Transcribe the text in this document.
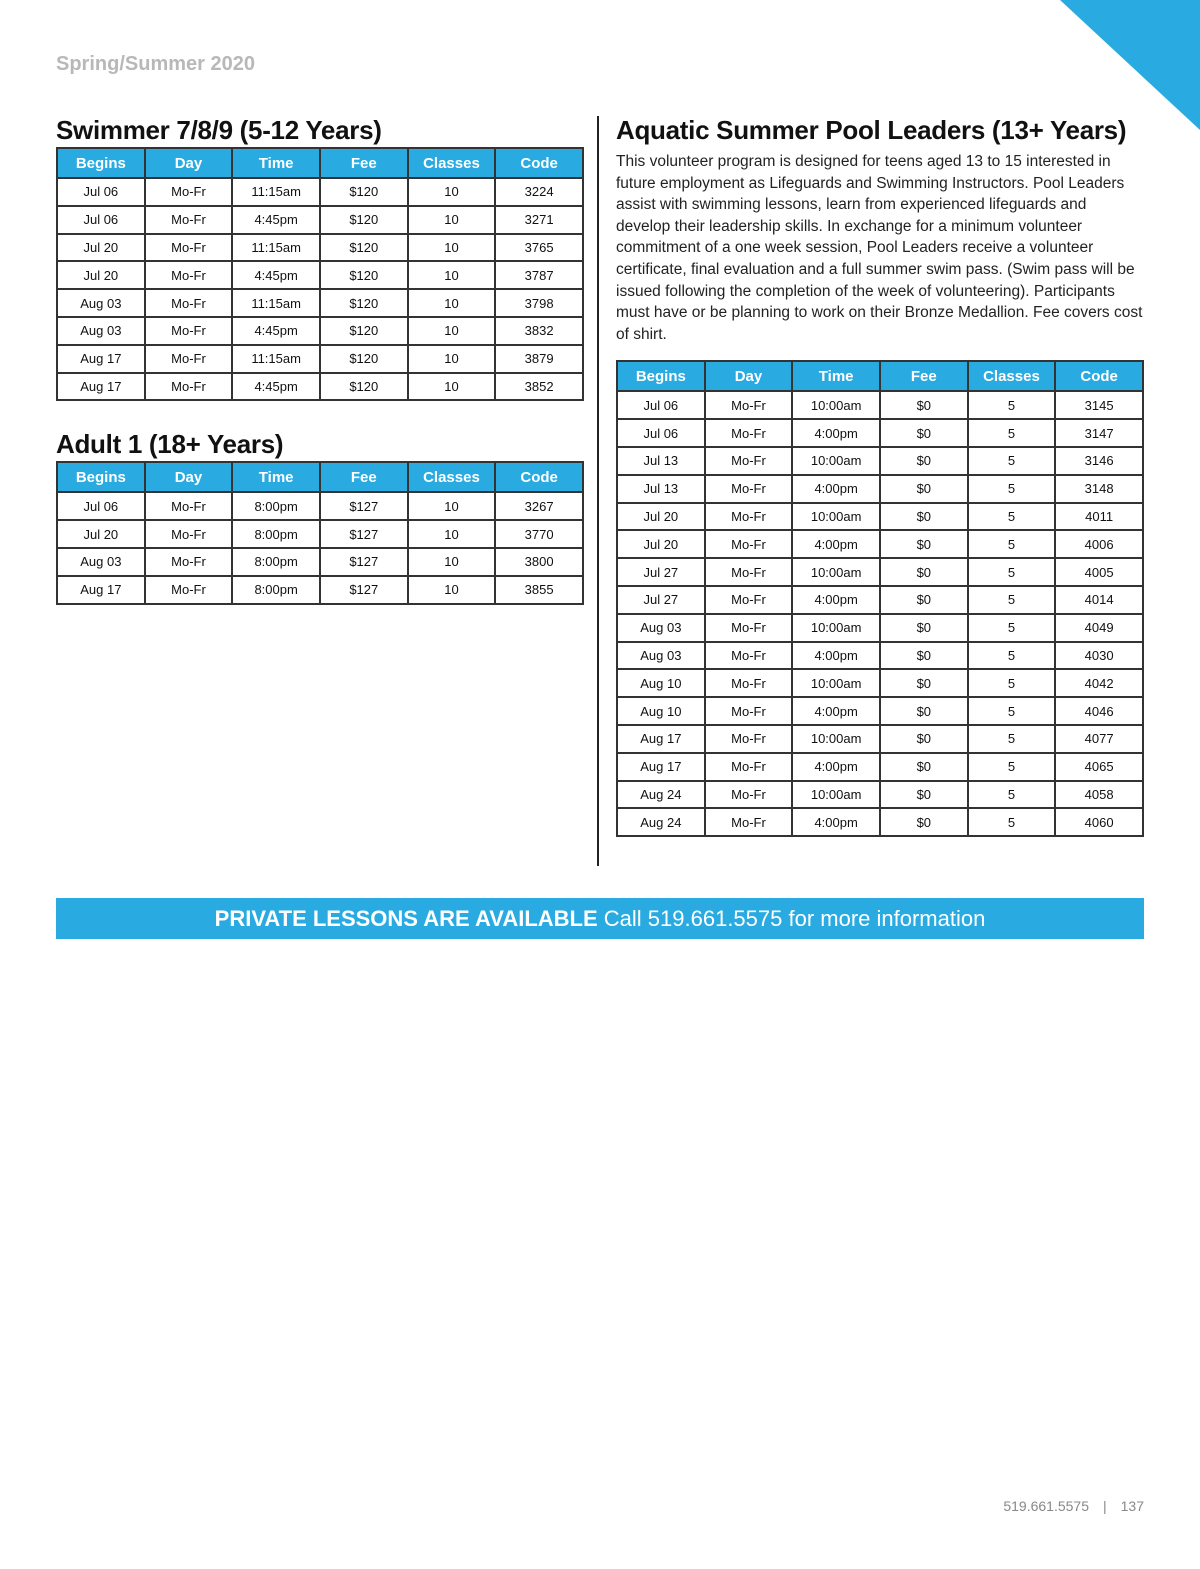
Spring/Summer 2020
Swimmer 7/8/9 (5-12 Years)
Begins	Day	Time	Fee	Classes	Code
Jul 06	Mo-Fr	11:15am	$120	10	3224
Jul 06	Mo-Fr	4:45pm	$120	10	3271
Jul 20	Mo-Fr	11:15am	$120	10	3765
Jul 20	Mo-Fr	4:45pm	$120	10	3787
Aug 03	Mo-Fr	11:15am	$120	10	3798
Aug 03	Mo-Fr	4:45pm	$120	10	3832
Aug 17	Mo-Fr	11:15am	$120	10	3879
Aug 17	Mo-Fr	4:45pm	$120	10	3852
Adult 1 (18+ Years)
Begins	Day	Time	Fee	Classes	Code
Jul 06	Mo-Fr	8:00pm	$127	10	3267
Jul 20	Mo-Fr	8:00pm	$127	10	3770
Aug 03	Mo-Fr	8:00pm	$127	10	3800
Aug 17	Mo-Fr	8:00pm	$127	10	3855
Aquatic Summer Pool Leaders (13+ Years)

This volunteer program is designed for teens aged 13 to 15 interested in future employment as Lifeguards and Swimming Instructors. Pool Leaders assist with swimming lessons, learn from experienced lifeguards and develop their leadership skills. In exchange for a minimum volunteer commitment of a one week session, Pool Leaders receive a volunteer certificate, final evaluation and a full summer swim pass. (Swim pass will be issued following the completion of the week of volunteering). Participants must have or be planning to work on their Bronze Medallion. Fee covers cost of shirt.

Begins	Day	Time	Fee	Classes	Code
Jul 06	Mo-Fr	10:00am	$0	5	3145
Jul 06	Mo-Fr	4:00pm	$0	5	3147
Jul 13	Mo-Fr	10:00am	$0	5	3146
Jul 13	Mo-Fr	4:00pm	$0	5	3148
Jul 20	Mo-Fr	10:00am	$0	5	4011
Jul 20	Mo-Fr	4:00pm	$0	5	4006
Jul 27	Mo-Fr	10:00am	$0	5	4005
Jul 27	Mo-Fr	4:00pm	$0	5	4014
Aug 03	Mo-Fr	10:00am	$0	5	4049
Aug 03	Mo-Fr	4:00pm	$0	5	4030
Aug 10	Mo-Fr	10:00am	$0	5	4042
Aug 10	Mo-Fr	4:00pm	$0	5	4046
Aug 17	Mo-Fr	10:00am	$0	5	4077
Aug 17	Mo-Fr	4:00pm	$0	5	4065
Aug 24	Mo-Fr	10:00am	$0	5	4058
Aug 24	Mo-Fr	4:00pm	$0	5	4060
PRIVATE LESSONS ARE AVAILABLE Call 519.661.5575 for more information
519.661.5575 | 137
